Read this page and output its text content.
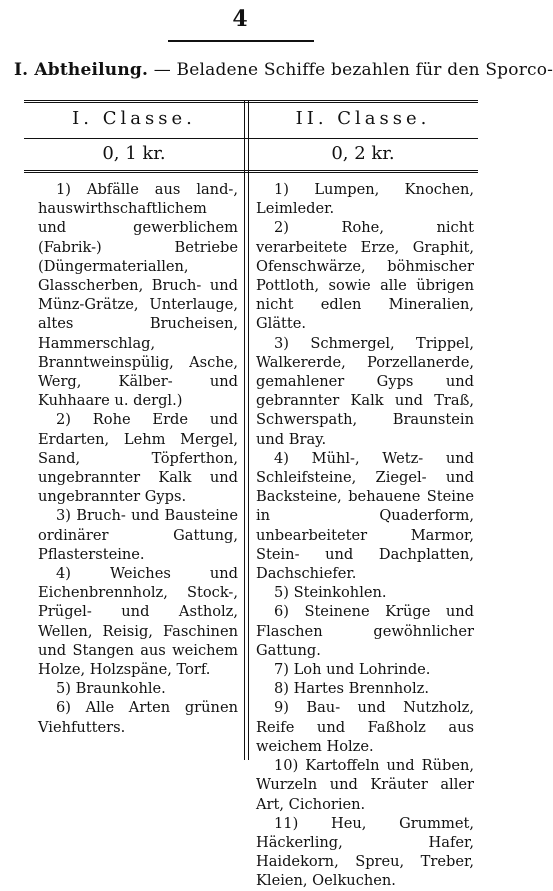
4
I. Abtheilung. — Beladene Schiffe bezahlen für den Sporco-
I. Classe.	II. Classe.
0, 1 kr.	0, 2 kr.

1) Abfälle aus land-, hauswirthschaftlichem und gewerblichem (Fabrik-) Betriebe (Düngermateriallen, Glasscherben, Bruch- und Münz-Grätze, Unterlauge, altes Brucheisen, Hammerschlag, Branntweinspülig, Asche, Werg, Kälber- und Kuhhaare u. dergl.)

2) Rohe Erde und Erdarten, Lehm Mergel, Sand, Töpferthon, ungebrannter Kalk und ungebrannter Gyps.

3) Bruch- und Bausteine ordinärer Gattung, Pflastersteine.

4) Weiches und Eichenbrennholz, Stock-, Prügel- und Astholz, Wellen, Reisig, Faschinen und Stangen aus weichem Holze, Holzspäne, Torf.

5) Braunkohle.

6) Alle Arten grünen Viehfutters.

1) Lumpen, Knochen, Leimleder.

2) Rohe, nicht verarbeitete Erze, Graphit, Ofenschwärze, böhmischer Pottloth, sowie alle übrigen nicht edlen Mineralien, Glätte.

3) Schmergel, Trippel, Walkererde, Porzellanerde, gemahlener Gyps und gebrannter Kalk und Traß, Schwerspath, Braunstein und Bray.

4) Mühl-, Wetz- und Schleifsteine, Ziegel- und Backsteine, behauene Steine in Quaderform, unbearbeiteter Marmor, Stein- und Dachplatten, Dachschiefer.

5) Steinkohlen.

6) Steinene Krüge und Flaschen gewöhnlicher Gattung.

7) Loh und Lohrinde.

8) Hartes Brennholz.

9) Bau- und Nutzholz, Reife und Faßholz aus weichem Holze.

10) Kartoffeln und Rüben, Wurzeln und Kräuter aller Art, Cichorien.

11) Heu, Grummet, Häckerling, Hafer, Haidekorn, Spreu, Treber, Kleien, Oelkuchen.
